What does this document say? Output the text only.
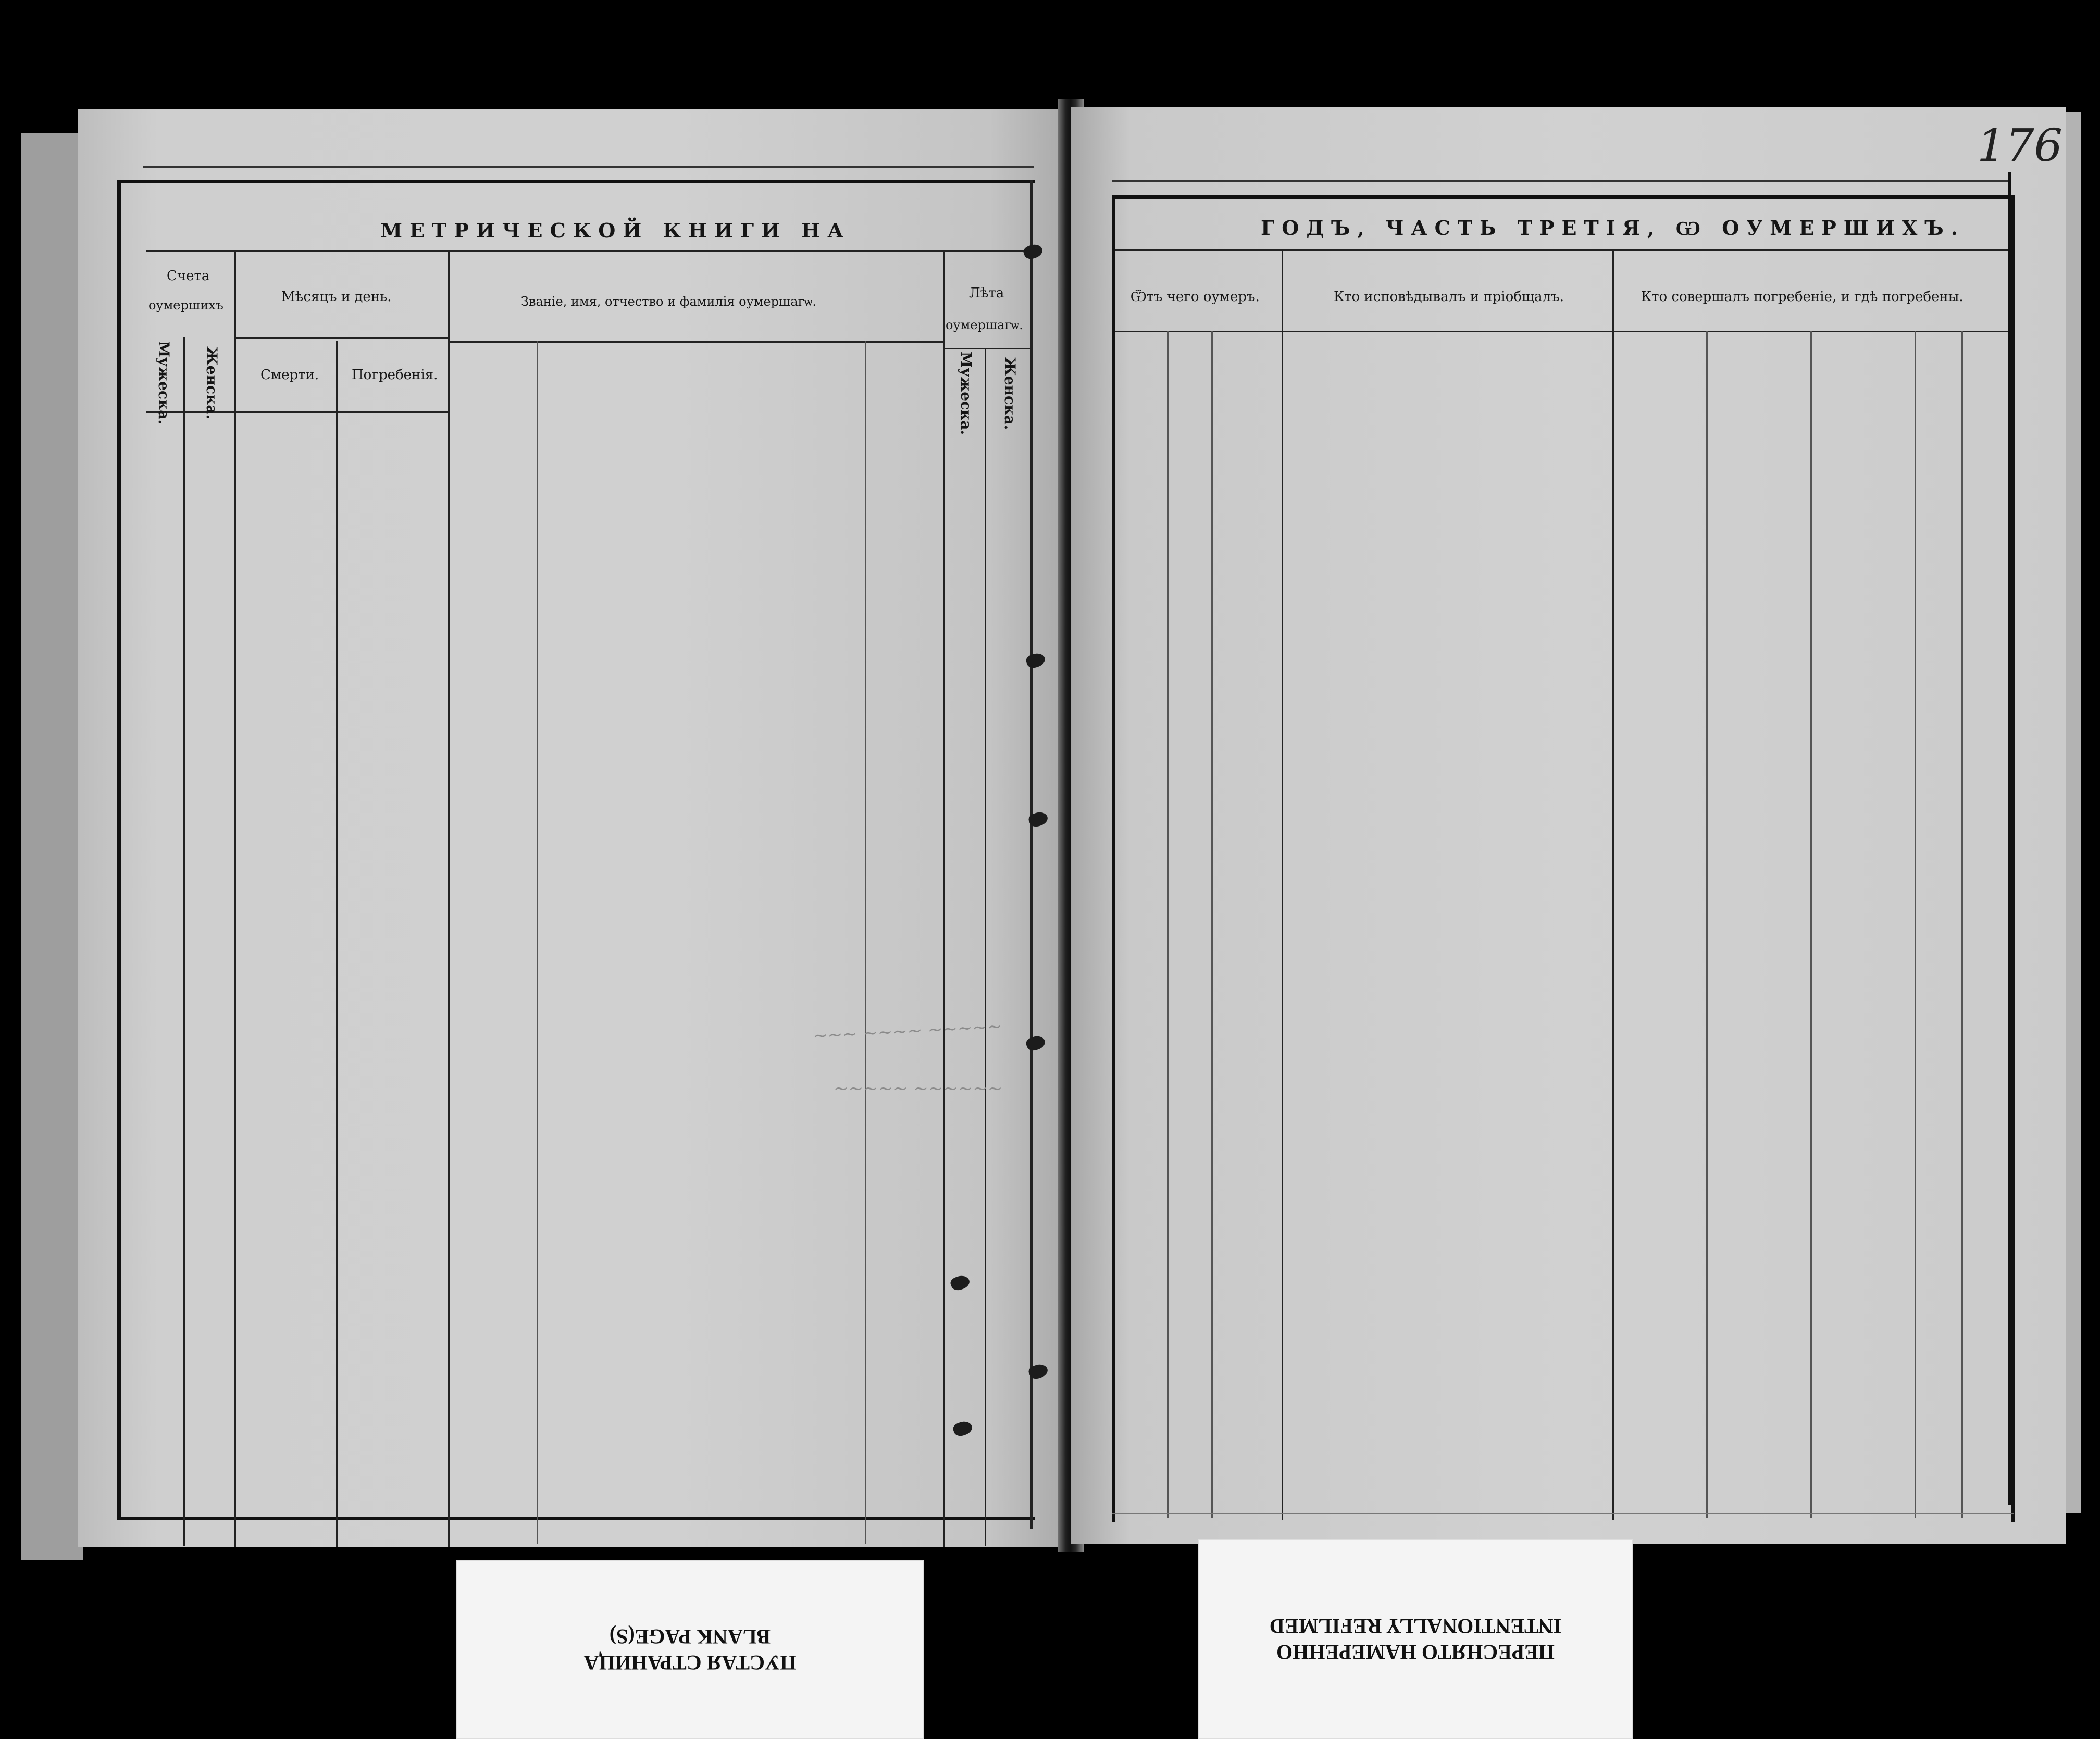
МЕТРИЧЕСКОЙ КНИГИ НА
Счета
оумершихъ
Мужеска. Женска.
Мѣсяцъ и день.
Смерти. Погребенія.
Званіе, имя, отчество и фамилія оумершагѡ.
Лѣта
оумершагѡ.
Мужеска. Женска.
~~~ ~~~~ ~~~~~
~~~~~ ~~~~~~
ГОДЪ, ЧАСТЬ ТРЕТІЯ, Ѡ ОУМЕРШИХЪ.
Ѿтъ чего оумеръ.	Кто исповѣдывалъ и пріобщалъ.	Кто совершалъ погребеніе, и гдѣ погребены.
176
ПУСТАЯ СТРАНИЦА
BLANK PAGE(S)
ПЕРЕСНЯТО НАМЕРЕННО
INTENTIONALLY REFILMED
